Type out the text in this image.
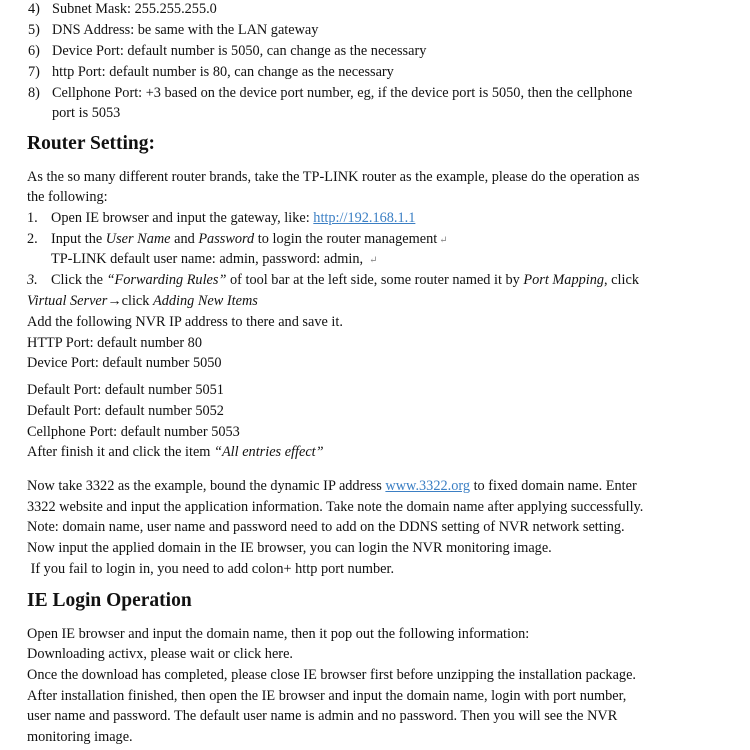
4) Subnet Mask: 255.255.255.0
5) DNS Address: be same with the LAN gateway
6) Device Port: default number is 5050, can change as the necessary
7) http Port: default number is 80, can change as the necessary
8) Cellphone Port: +3 based on the device port number, eg, if the device port is 5050, then the cellphone
port is 5053
Router Setting:
As the so many different router brands, take the TP-LINK router as the example, please do the operation as
the following:
1. Open IE browser and input the gateway, like: http://192.168.1.1
2. Input the User Name and Password to login the router management ↵
TP-LINK default user name: admin, password: admin, ↵
3. Click the “Forwarding Rules” of tool bar at the left side, some router named it by Port Mapping, click
Virtual Server→click Adding New Items
Add the following NVR IP address to there and save it.
HTTP Port: default number 80
Device Port: default number 5050
Default Port: default number 5051
Default Port: default number 5052
Cellphone Port: default number 5053
After finish it and click the item “All entries effect”
Now take 3322 as the example, bound the dynamic IP address www.3322.org to fixed domain name. Enter
3322 website and input the application information. Take note the domain name after applying successfully.
Note: domain name, user name and password need to add on the DDNS setting of NVR network setting.
Now input the applied domain in the IE browser, you can login the NVR monitoring image.
If you fail to login in, you need to add colon+ http port number.
IE Login Operation
Open IE browser and input the domain name, then it pop out the following information:
Downloading activx, please wait or click here.
Once the download has completed, please close IE browser first before unzipping the installation package.
After installation finished, then open the IE browser and input the domain name, login with port number,
user name and password. The default user name is admin and no password. Then you will see the NVR
monitoring image.
